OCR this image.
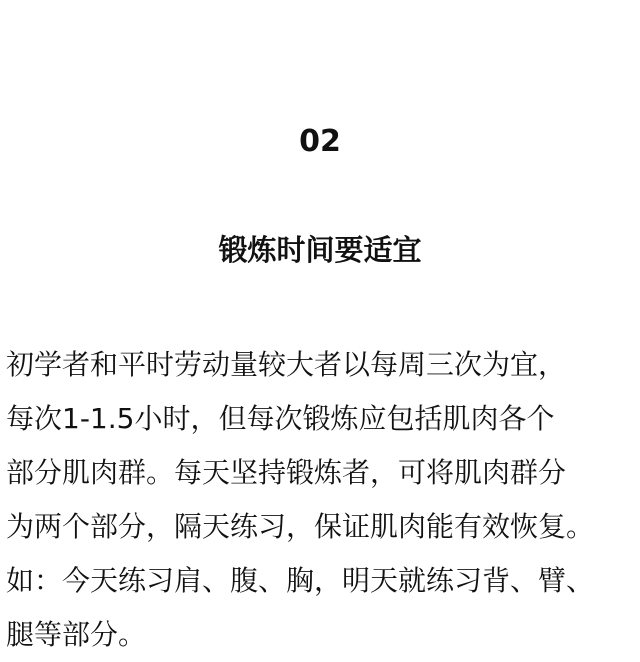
02
锻炼时间要适宜

初学者和平时劳动量较大者以每周三次为宜，
每次1-1.5小时，但每次锻炼应包括肌肉各个
部分肌肉群。每天坚持锻炼者，可将肌肉群分
为两个部分，隔天练习，保证肌肉能有效恢复。
如：今天练习肩、腹、胸，明天就练习背、臂、
腿等部分。
